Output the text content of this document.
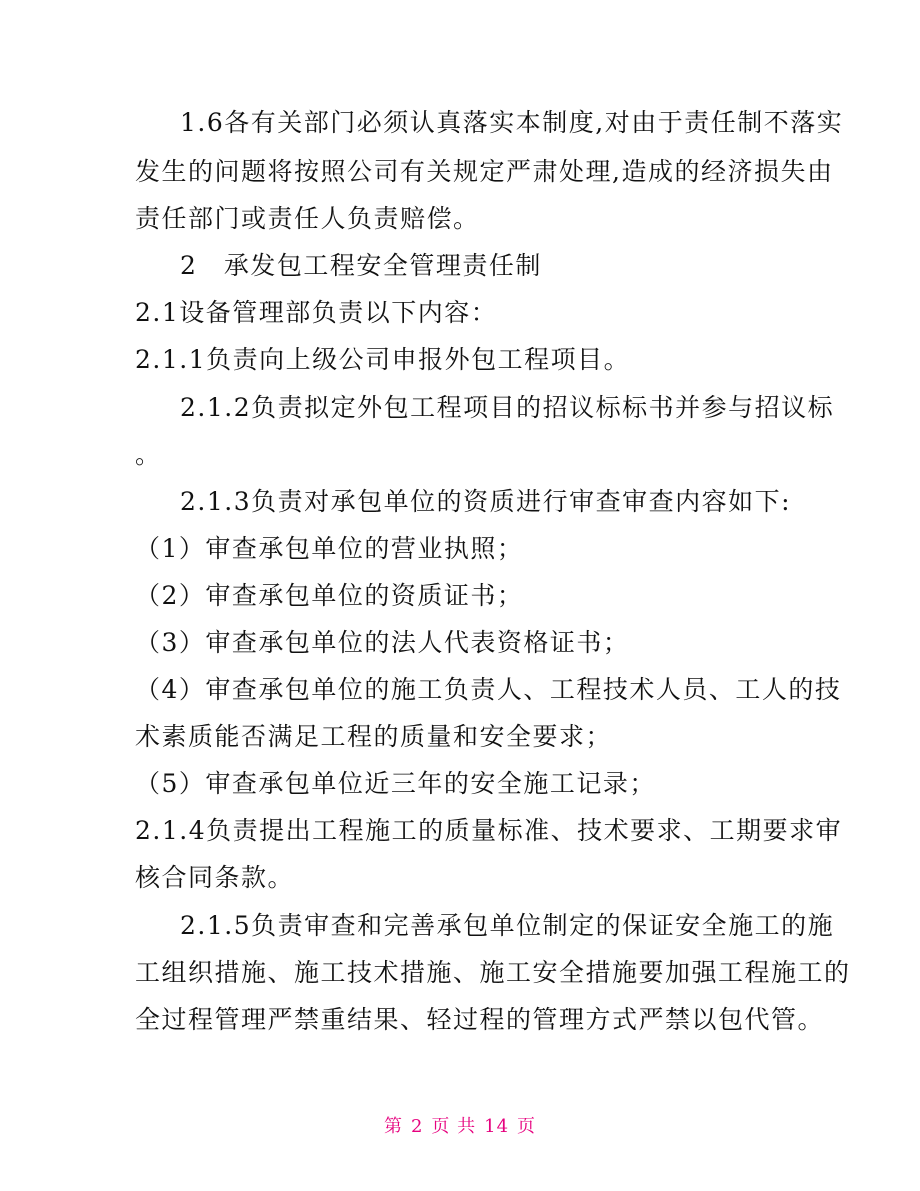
1.6各有关部门必须认真落实本制度,对由于责任制不落实
发生的问题将按照公司有关规定严肃处理,造成的经济损失由
责任部门或责任人负责赔偿。
2　承发包工程安全管理责任制
2.1设备管理部负责以下内容：
2.1.1负责向上级公司申报外包工程项目。
2.1.2负责拟定外包工程项目的招议标标书并参与招议标
。
2.1.3负责对承包单位的资质进行审查审查内容如下:
（1）审查承包单位的营业执照；
（2）审查承包单位的资质证书；
（3）审查承包单位的法人代表资格证书；
（4）审查承包单位的施工负责人、工程技术人员、工人的技
术素质能否满足工程的质量和安全要求；
（5）审查承包单位近三年的安全施工记录；
2.1.4负责提出工程施工的质量标准、技术要求、工期要求审
核合同条款。
2.1.5负责审查和完善承包单位制定的保证安全施工的施
工组织措施、施工技术措施、施工安全措施要加强工程施工的
全过程管理严禁重结果、轻过程的管理方式严禁以包代管。
第 2 页 共 14 页
